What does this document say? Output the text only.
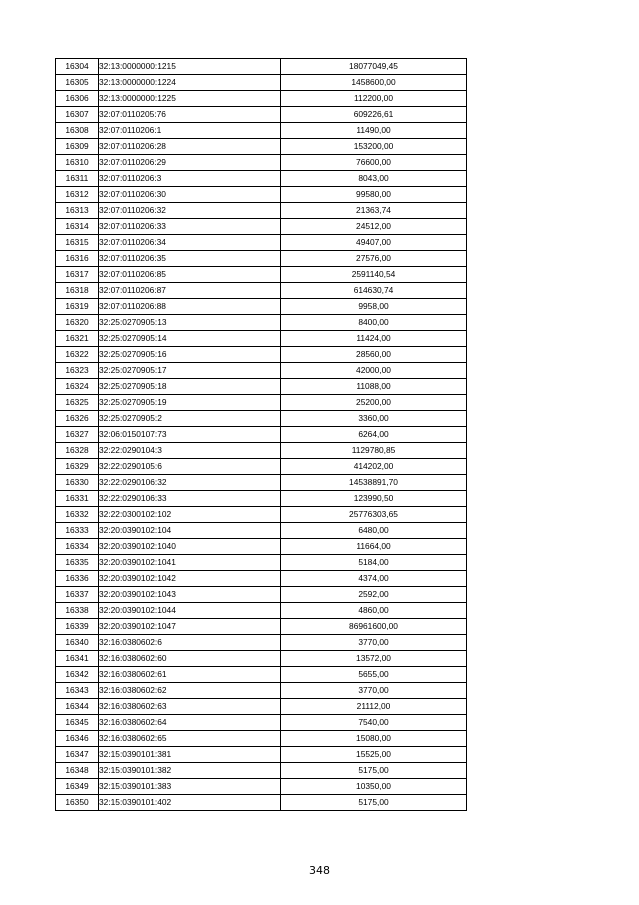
16304	32:13:0000000:1215	18077049,45
16305	32:13:0000000:1224	1458600,00
16306	32:13:0000000:1225	112200,00
16307	32:07:0110205:76	609226,61
16308	32:07:0110206:1	11490,00
16309	32:07:0110206:28	153200,00
16310	32:07:0110206:29	76600,00
16311	32:07:0110206:3	8043,00
16312	32:07:0110206:30	99580,00
16313	32:07:0110206:32	21363,74
16314	32:07:0110206:33	24512,00
16315	32:07:0110206:34	49407,00
16316	32:07:0110206:35	27576,00
16317	32:07:0110206:85	2591140,54
16318	32:07:0110206:87	614630,74
16319	32:07:0110206:88	9958,00
16320	32:25:0270905:13	8400,00
16321	32:25:0270905:14	11424,00
16322	32:25:0270905:16	28560,00
16323	32:25:0270905:17	42000,00
16324	32:25:0270905:18	11088,00
16325	32:25:0270905:19	25200,00
16326	32:25:0270905:2	3360,00
16327	32:06:0150107:73	6264,00
16328	32:22:0290104:3	1129780,85
16329	32:22:0290105:6	414202,00
16330	32:22:0290106:32	14538891,70
16331	32:22:0290106:33	123990,50
16332	32:22:0300102:102	25776303,65
16333	32:20:0390102:104	6480,00
16334	32:20:0390102:1040	11664,00
16335	32:20:0390102:1041	5184,00
16336	32:20:0390102:1042	4374,00
16337	32:20:0390102:1043	2592,00
16338	32:20:0390102:1044	4860,00
16339	32:20:0390102:1047	86961600,00
16340	32:16:0380602:6	3770,00
16341	32:16:0380602:60	13572,00
16342	32:16:0380602:61	5655,00
16343	32:16:0380602:62	3770,00
16344	32:16:0380602:63	21112,00
16345	32:16:0380602:64	7540,00
16346	32:16:0380602:65	15080,00
16347	32:15:0390101:381	15525,00
16348	32:15:0390101:382	5175,00
16349	32:15:0390101:383	10350,00
16350	32:15:0390101:402	5175,00
348
